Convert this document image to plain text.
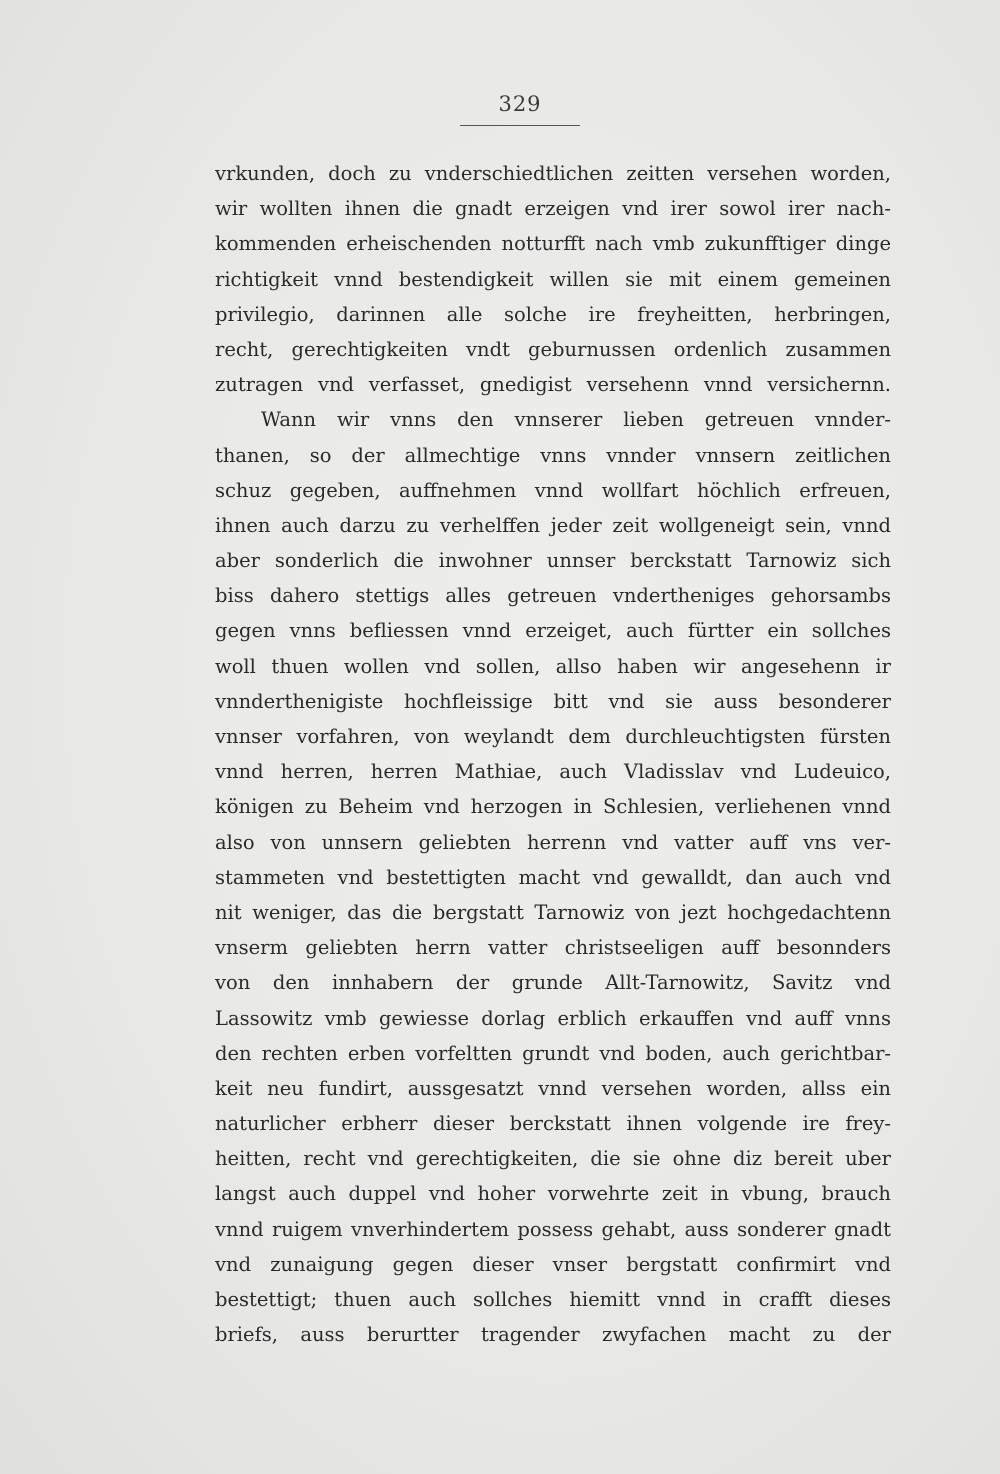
329
vrkunden, doch zu vnderschiedtlichen zeitten versehen worden,
wir wollten ihnen die gnadt erzeigen vnd irer sowol irer nach-
kommenden erheischenden notturfft nach vmb zukunfftiger dinge
richtigkeit vnnd bestendigkeit willen sie mit einem gemeinen
privilegio, darinnen alle solche ire freyheitten, herbringen,
recht, gerechtigkeiten vndt geburnussen ordenlich zusammen
zutragen vnd verfasset, gnedigist versehenn vnnd versichernn.
Wann wir vnns den vnnserer lieben getreuen vnnder-
thanen, so der allmechtige vnns vnnder vnnsern zeitlichen
schuz gegeben, auffnehmen vnnd wollfart höchlich erfreuen,
ihnen auch darzu zu verhelffen jeder zeit wollgeneigt sein, vnnd
aber sonderlich die inwohner unnser berckstatt Tarnowiz sich
biss dahero stettigs alles getreuen vndertheniges gehorsambs
gegen vnns befliessen vnnd erzeiget, auch fürtter ein sollches
woll thuen wollen vnd sollen, allso haben wir angesehenn ir
vnnderthenigiste hochfleissige bitt vnd sie auss besonderer
vnnser vorfahren, von weylandt dem durchleuchtigsten fürsten
vnnd herren, herren Mathiae, auch Vladisslav vnd Ludeuico,
königen zu Beheim vnd herzogen in Schlesien, verliehenen vnnd
also von unnsern geliebten herrenn vnd vatter auff vns ver-
stammeten vnd bestettigten macht vnd gewalldt, dan auch vnd
nit weniger, das die bergstatt Tarnowiz von jezt hochgedachtenn
vnserm geliebten herrn vatter christseeligen auff besonnders
von den innhabern der grunde Allt-Tarnowitz, Savitz vnd
Lassowitz vmb gewiesse dorlag erblich erkauffen vnd auff vnns
den rechten erben vorfeltten grundt vnd boden, auch gerichtbar-
keit neu fundirt, aussgesatzt vnnd versehen worden, allss ein
naturlicher erbherr dieser berckstatt ihnen volgende ire frey-
heitten, recht vnd gerechtigkeiten, die sie ohne diz bereit uber
langst auch duppel vnd hoher vorwehrte zeit in vbung, brauch
vnnd ruigem vnverhindertem possess gehabt, auss sonderer gnadt
vnd zunaigung gegen dieser vnser bergstatt confirmirt vnd
bestettigt; thuen auch sollches hiemitt vnnd in crafft dieses
briefs, auss berurtter tragender zwyfachen macht zu der
